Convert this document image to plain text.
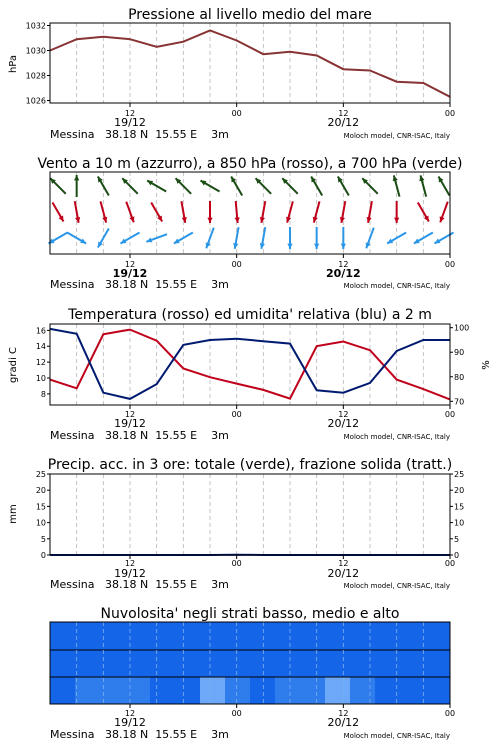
Pressione al livello medio del mare
hPa
1026
1028
1030
1032
12	00	12	00
19/12	20/12
Messina   38.18 N  15.55 E    3m	Moloch model, CNR-ISAC, Italy
Vento a 10 m (azzurro), a 850 hPa (rosso), a 700 hPa (verde)
12	00	12	00
19/12	20/12
Messina   38.18 N  15.55 E    3m	Moloch model, CNR-ISAC, Italy
Temperatura (rosso) ed umidita' relativa (blu) a 2 m
gradi C	%
8
10
12
14
16
70
80
90
100
12	00	12	00
19/12	20/12
Messina   38.18 N  15.55 E    3m	Moloch model, CNR-ISAC, Italy
Precip. acc. in 3 ore: totale (verde), frazione solida (tratt.)
mm
0
5
10
15
20
25
0
5
10
15
20
25
12	00	12	00
19/12	20/12
Messina   38.18 N  15.55 E    3m	Moloch model, CNR-ISAC, Italy
Nuvolosita' negli strati basso, medio e alto
12	00	12	00
19/12	20/12
Messina   38.18 N  15.55 E    3m	Moloch model, CNR-ISAC, Italy
